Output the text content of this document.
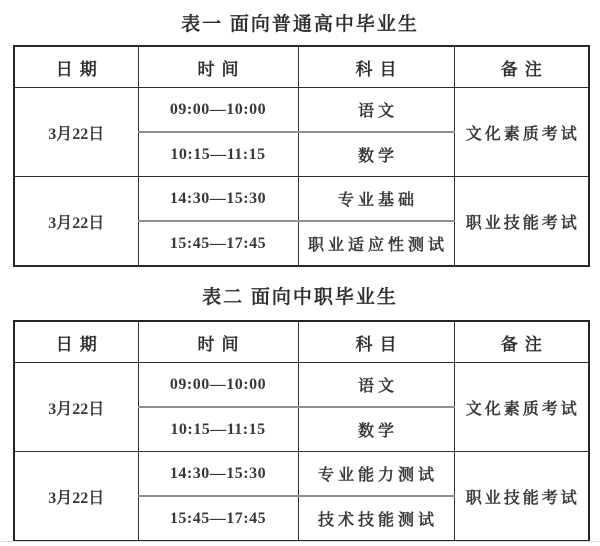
表一 面向普通高中毕业生
日期	时间	科目	备注
3月22日	09:00—10:00	语文	文化素质考试
	10:15—11:15	数学	
3月22日	14:30—15:30	专业基础	职业技能考试
	15:45—17:45	职业适应性测试	
表二 面向中职毕业生
日期	时间	科目	备注
3月22日	09:00—10:00	语文	文化素质考试
	10:15—11:15	数学	
3月22日	14:30—15:30	专业能力测试	职业技能考试
	15:45—17:45	技术技能测试	
